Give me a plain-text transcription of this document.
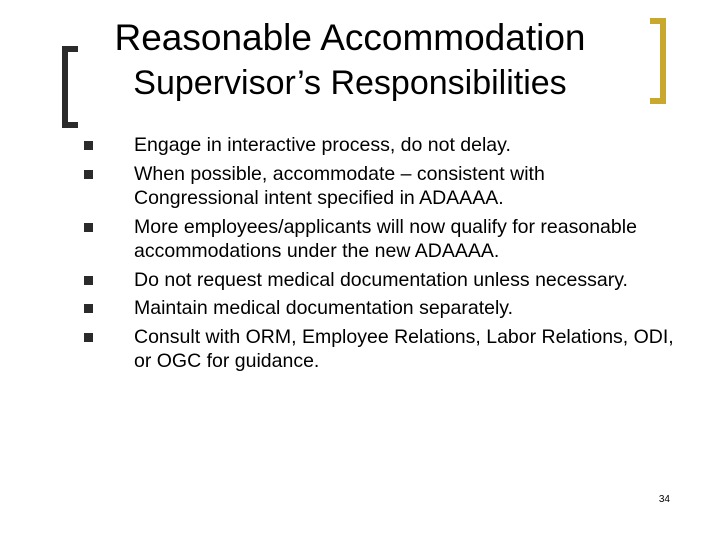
Reasonable Accommodation
Supervisor’s Responsibilities
Engage in interactive process, do not delay.
When possible, accommodate – consistent with Congressional intent specified in ADAAAA.
More employees/applicants will now qualify for reasonable accommodations under the new ADAAAA.
Do not request medical documentation unless necessary.
Maintain medical documentation separately.
Consult with ORM, Employee Relations, Labor Relations, ODI, or OGC for guidance.
34
